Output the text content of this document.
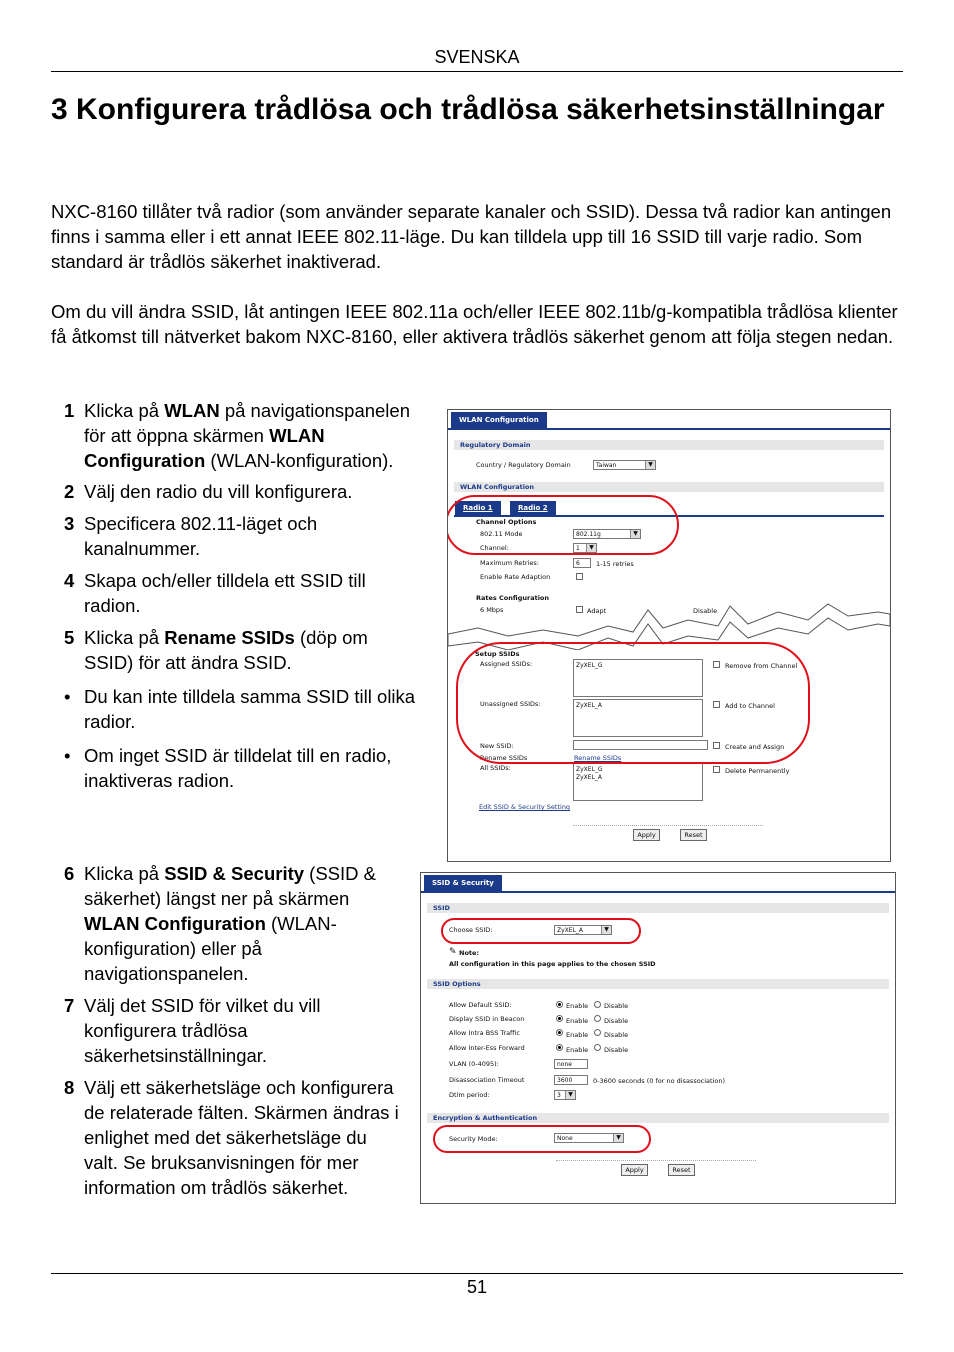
SVENSKA
3 Konfigurera trådlösa och trådlösa säkerhetsinställningar

NXC-8160 tillåter två radior (som använder separate kanaler och SSID). Dessa två radior kan antingen finns i samma eller i ett annat IEEE 802.11-läge. Du kan tilldela upp till 16 SSID till varje radio. Som standard är trådlös säkerhet inaktiverad.

Om du vill ändra SSID, låt antingen IEEE 802.11a och/eller IEEE 802.11b/g-kompatibla trådlösa klienter få åtkomst till nätverket bakom NXC-8160, eller aktivera trådlös säkerhet genom att följa stegen nedan.

1 Klicka på WLAN på navigationspanelen för att öppna skärmen WLAN Configuration (WLAN-konfiguration).
2 Välj den radio du vill konfigurera.
3 Specificera 802.11-läget och kanalnummer.
4 Skapa och/eller tilldela ett SSID till radion.
5 Klicka på Rename SSIDs (döp om SSID) för att ändra SSID.
• Du kan inte tilldela samma SSID till olika radior.
• Om inget SSID är tilldelat till en radio, inaktiveras radion.
6 Klicka på SSID & Security (SSID & säkerhet) längst ner på skärmen WLAN Configuration (WLAN-konfiguration) eller på navigationspanelen.
7 Välj det SSID för vilket du vill konfigurera trådlösa säkerhetsinställningar.
8 Välj ett säkerhetsläge och konfigurera de relaterade fälten. Skärmen ändras i enlighet med det säkerhetsläge du valt. Se bruksanvisningen för mer information om trådlös säkerhet.
WLAN Configuration
Regulatory Domain
Country / Regulatory Domain	Taiwan	▼
WLAN Configuration
Radio 1	Radio 2
Channel Options
802.11 Mode	802.11g	▼
Channel:	1	▼
Maximum Retries:	6	1-15 retries
Enable Rate Adaption
Rates Configuration
6 Mbps	Adapt	Disable
Setup SSIDs
Assigned SSIDs:	ZyXEL_G	Remove from Channel
Unassigned SSIDs:	ZyXEL_A	Add to Channel
New SSID:	Create and Assign
Rename SSIDs	Rename SSIDs
All SSIDs:	ZyXEL_G
ZyXEL_A
Delete Permanently
Edit SSID & Security Setting
Apply	Reset
SSID & Security
SSID
Choose SSID:	ZyXEL_A	▼
✎ Note:
All configuration in this page applies to the chosen SSID
SSID Options
Allow Default SSID:	Enable Disable
Display SSID in Beacon	Enable Disable
Allow Intra BSS Traffic	Enable Disable
Allow Inter-Ess Forward	Enable Disable
VLAN (0-4095):	none
Disassociation Timeout	3600	0-3600 seconds (0 for no disassociation)
Dtim period:	3	▼
Encryption & Authentication
Security Mode:	None	▼
Apply	Reset
51
